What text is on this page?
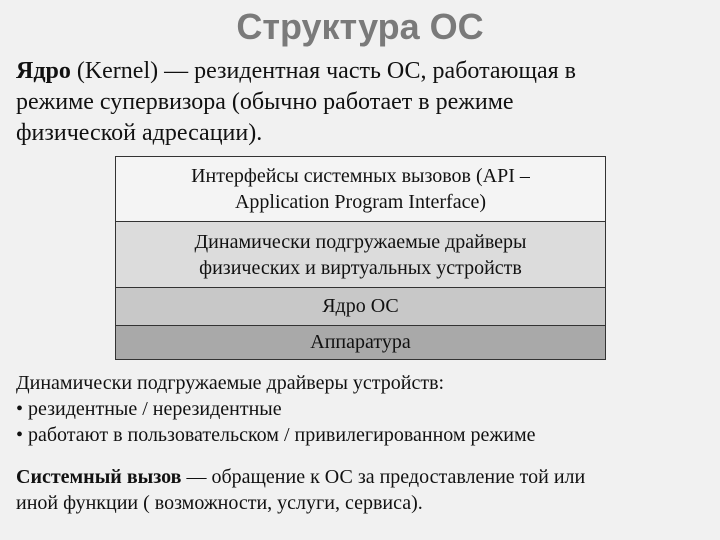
Структура ОС
Ядро (Kernel) — резидентная часть ОС, работающая в
режиме супервизора (обычно работает в режиме
физической адресации).
Интерфейсы системных вызовов (API –
Application Program Interface)
Динамически подгружаемые драйверы
физических и виртуальных устройств
Ядро ОС
Аппаратура
Динамически подгружаемые драйверы устройств:
• резидентные / нерезидентные
• работают в пользовательском / привилегированном режиме
Системный вызов — обращение к ОС за предоставление той или
иной функции ( возможности, услуги, сервиса).
